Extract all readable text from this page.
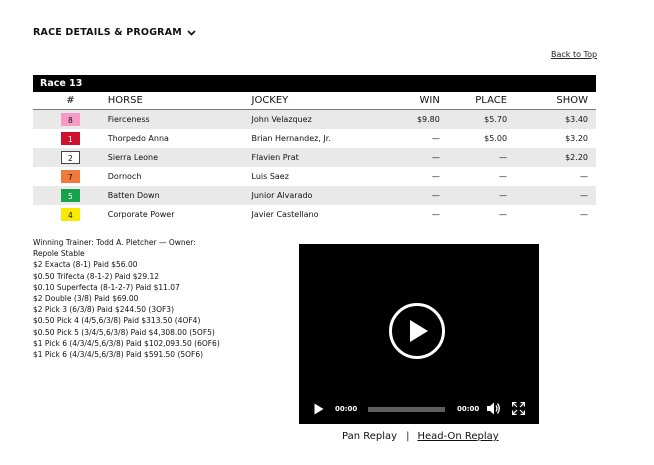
RACE DETAILS & PROGRAM
Back to Top
Race 13
#	HORSE	JOCKEY	WIN	PLACE	SHOW
8	Fierceness	John Velazquez	$9.80	$5.70	$3.40
1	Thorpedo Anna	Brian Hernandez, Jr.	—	$5.00	$3.20
2	Sierra Leone	Flavien Prat	—	—	$2.20
7	Dornoch	Luis Saez	—	—	—
5	Batten Down	Junior Alvarado	—	—	—
4	Corporate Power	Javier Castellano	—	—	—
Winning Trainer: Todd A. Pletcher — Owner:
Repole Stable
$2 Exacta (8-1) Paid $56.00
$0.50 Trifecta (8-1-2) Paid $29.12
$0.10 Superfecta (8-1-2-7) Paid $11.07
$2 Double (3/8) Paid $69.00
$2 Pick 3 (6/3/8) Paid $244.50 (3OF3)
$0.50 Pick 4 (4/5,6/3/8) Paid $313.50 (4OF4)
$0.50 Pick 5 (3/4/5,6/3/8) Paid $4,308.00 (5OF5)
$1 Pick 6 (4/3/4/5,6/3/8) Paid $102,093.50 (6OF6)
$1 Pick 6 (4/3/4/5,6/3/8) Paid $591.50 (5OF6)
00:00	00:00
Pan Replay | Head-On Replay
